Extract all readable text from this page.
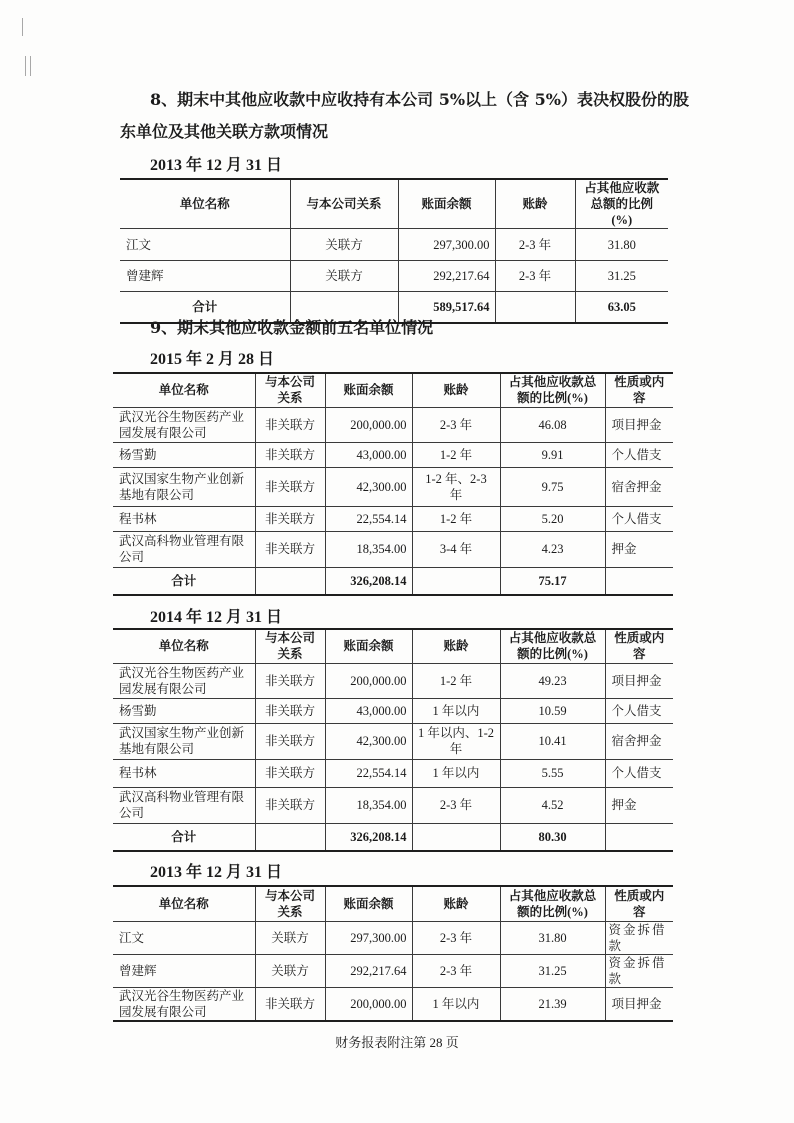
8、期末中其他应收款中应收持有本公司 5%以上（含 5%）表决权股份的股
东单位及其他关联方款项情况
2013 年 12 月 31 日
单位名称	与本公司关系	账面余额	账龄	占其他应收款
总额的比例(%)
江文	关联方	297,300.00	2-3 年	31.80
曾建辉	关联方	292,217.64	2-3 年	31.25
合计		589,517.64		63.05
9、期末其他应收款金额前五名单位情况
2015 年 2 月 28 日
单位名称	与本公司
关系	账面余额	账龄	占其他应收款总
额的比例(%)	性质或内
容
武汉光谷生物医药产业
园发展有限公司	非关联方	200,000.00	2-3 年	46.08	项目押金
杨雪勤	非关联方	43,000.00	1-2 年	9.91	个人借支
武汉国家生物产业创新
基地有限公司	非关联方	42,300.00	1-2 年、2-3
年	9.75	宿舍押金
程书林	非关联方	22,554.14	1-2 年	5.20	个人借支
武汉高科物业管理有限
公司	非关联方	18,354.00	3-4 年	4.23	押金
合计		326,208.14		75.17	
2014 年 12 月 31 日
单位名称	与本公司
关系	账面余额	账龄	占其他应收款总
额的比例(%)	性质或内
容
武汉光谷生物医药产业
园发展有限公司	非关联方	200,000.00	1-2 年	49.23	项目押金
杨雪勤	非关联方	43,000.00	1 年以内	10.59	个人借支
武汉国家生物产业创新
基地有限公司	非关联方	42,300.00	1 年以内、1-2
年	10.41	宿舍押金
程书林	非关联方	22,554.14	1 年以内	5.55	个人借支
武汉高科物业管理有限
公司	非关联方	18,354.00	2-3 年	4.52	押金
合计		326,208.14		80.30	
2013 年 12 月 31 日
单位名称	与本公司
关系	账面余额	账龄	占其他应收款总
额的比例(%)	性质或内
容
江文	关联方	297,300.00	2-3 年	31.80	资金拆借
款
曾建辉	关联方	292,217.64	2-3 年	31.25	资金拆借
款
武汉光谷生物医药产业
园发展有限公司	非关联方	200,000.00	1 年以内	21.39	项目押金
财务报表附注第 28 页
